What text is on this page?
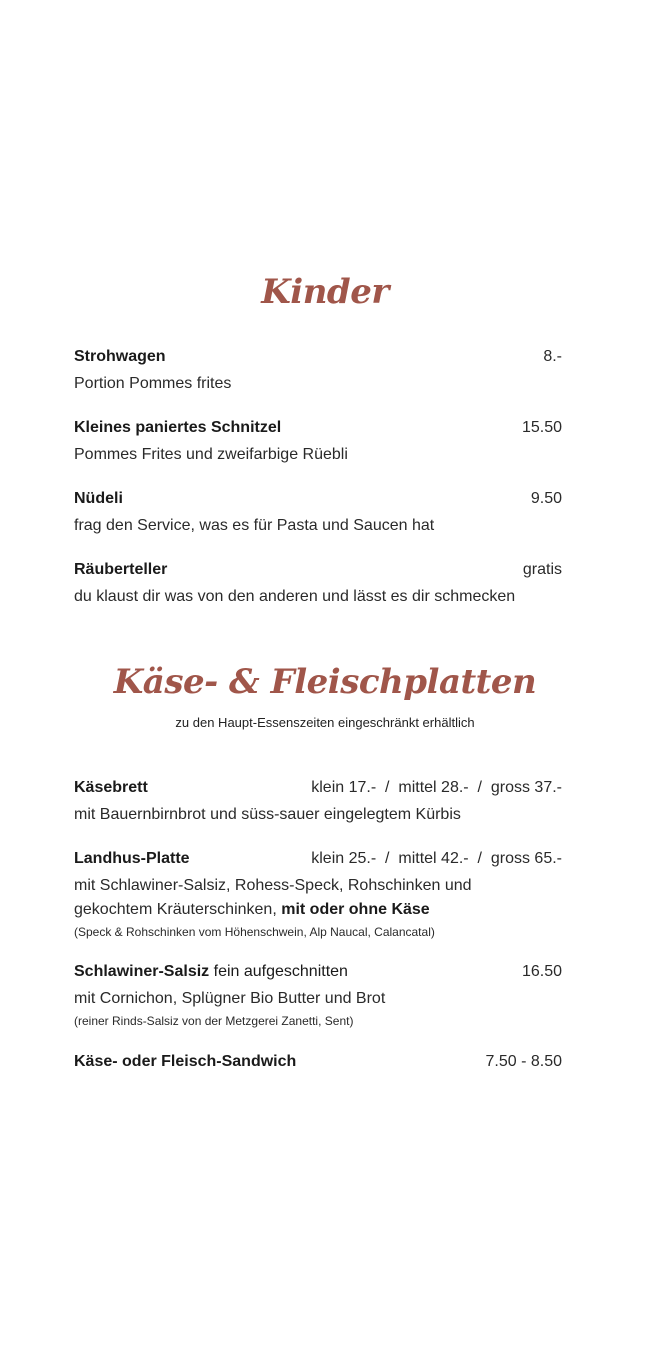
Kinder
Strohwagen	8.-
Portion Pommes frites
Kleines paniertes Schnitzel	15.50
Pommes Frites und zweifarbige Rüebli
Nüdeli	9.50
frag den Service, was es für Pasta und Saucen hat
Räuberteller	gratis
du klaust dir was von den anderen und lässt es dir schmecken
Käse- & Fleischplatten
zu den Haupt-Essenszeiten eingeschränkt erhältlich
Käsebrett	klein 17.-  /  mittel 28.-  /  gross 37.-
mit Bauernbirnbrot und süss-sauer eingelegtem Kürbis
Landhus-Platte	klein 25.-  /  mittel 42.-  /  gross 65.-
mit Schlawiner-Salsiz, Rohess-Speck, Rohschinken und
gekochtem Kräuterschinken, mit oder ohne Käse
(Speck & Rohschinken vom Höhenschwein, Alp Naucal, Calancatal)
Schlawiner-Salsiz fein aufgeschnitten	16.50
mit Cornichon, Splügner Bio Butter und Brot
(reiner Rinds-Salsiz von der Metzgerei Zanetti, Sent)
Käse- oder Fleisch-Sandwich	7.50 - 8.50
